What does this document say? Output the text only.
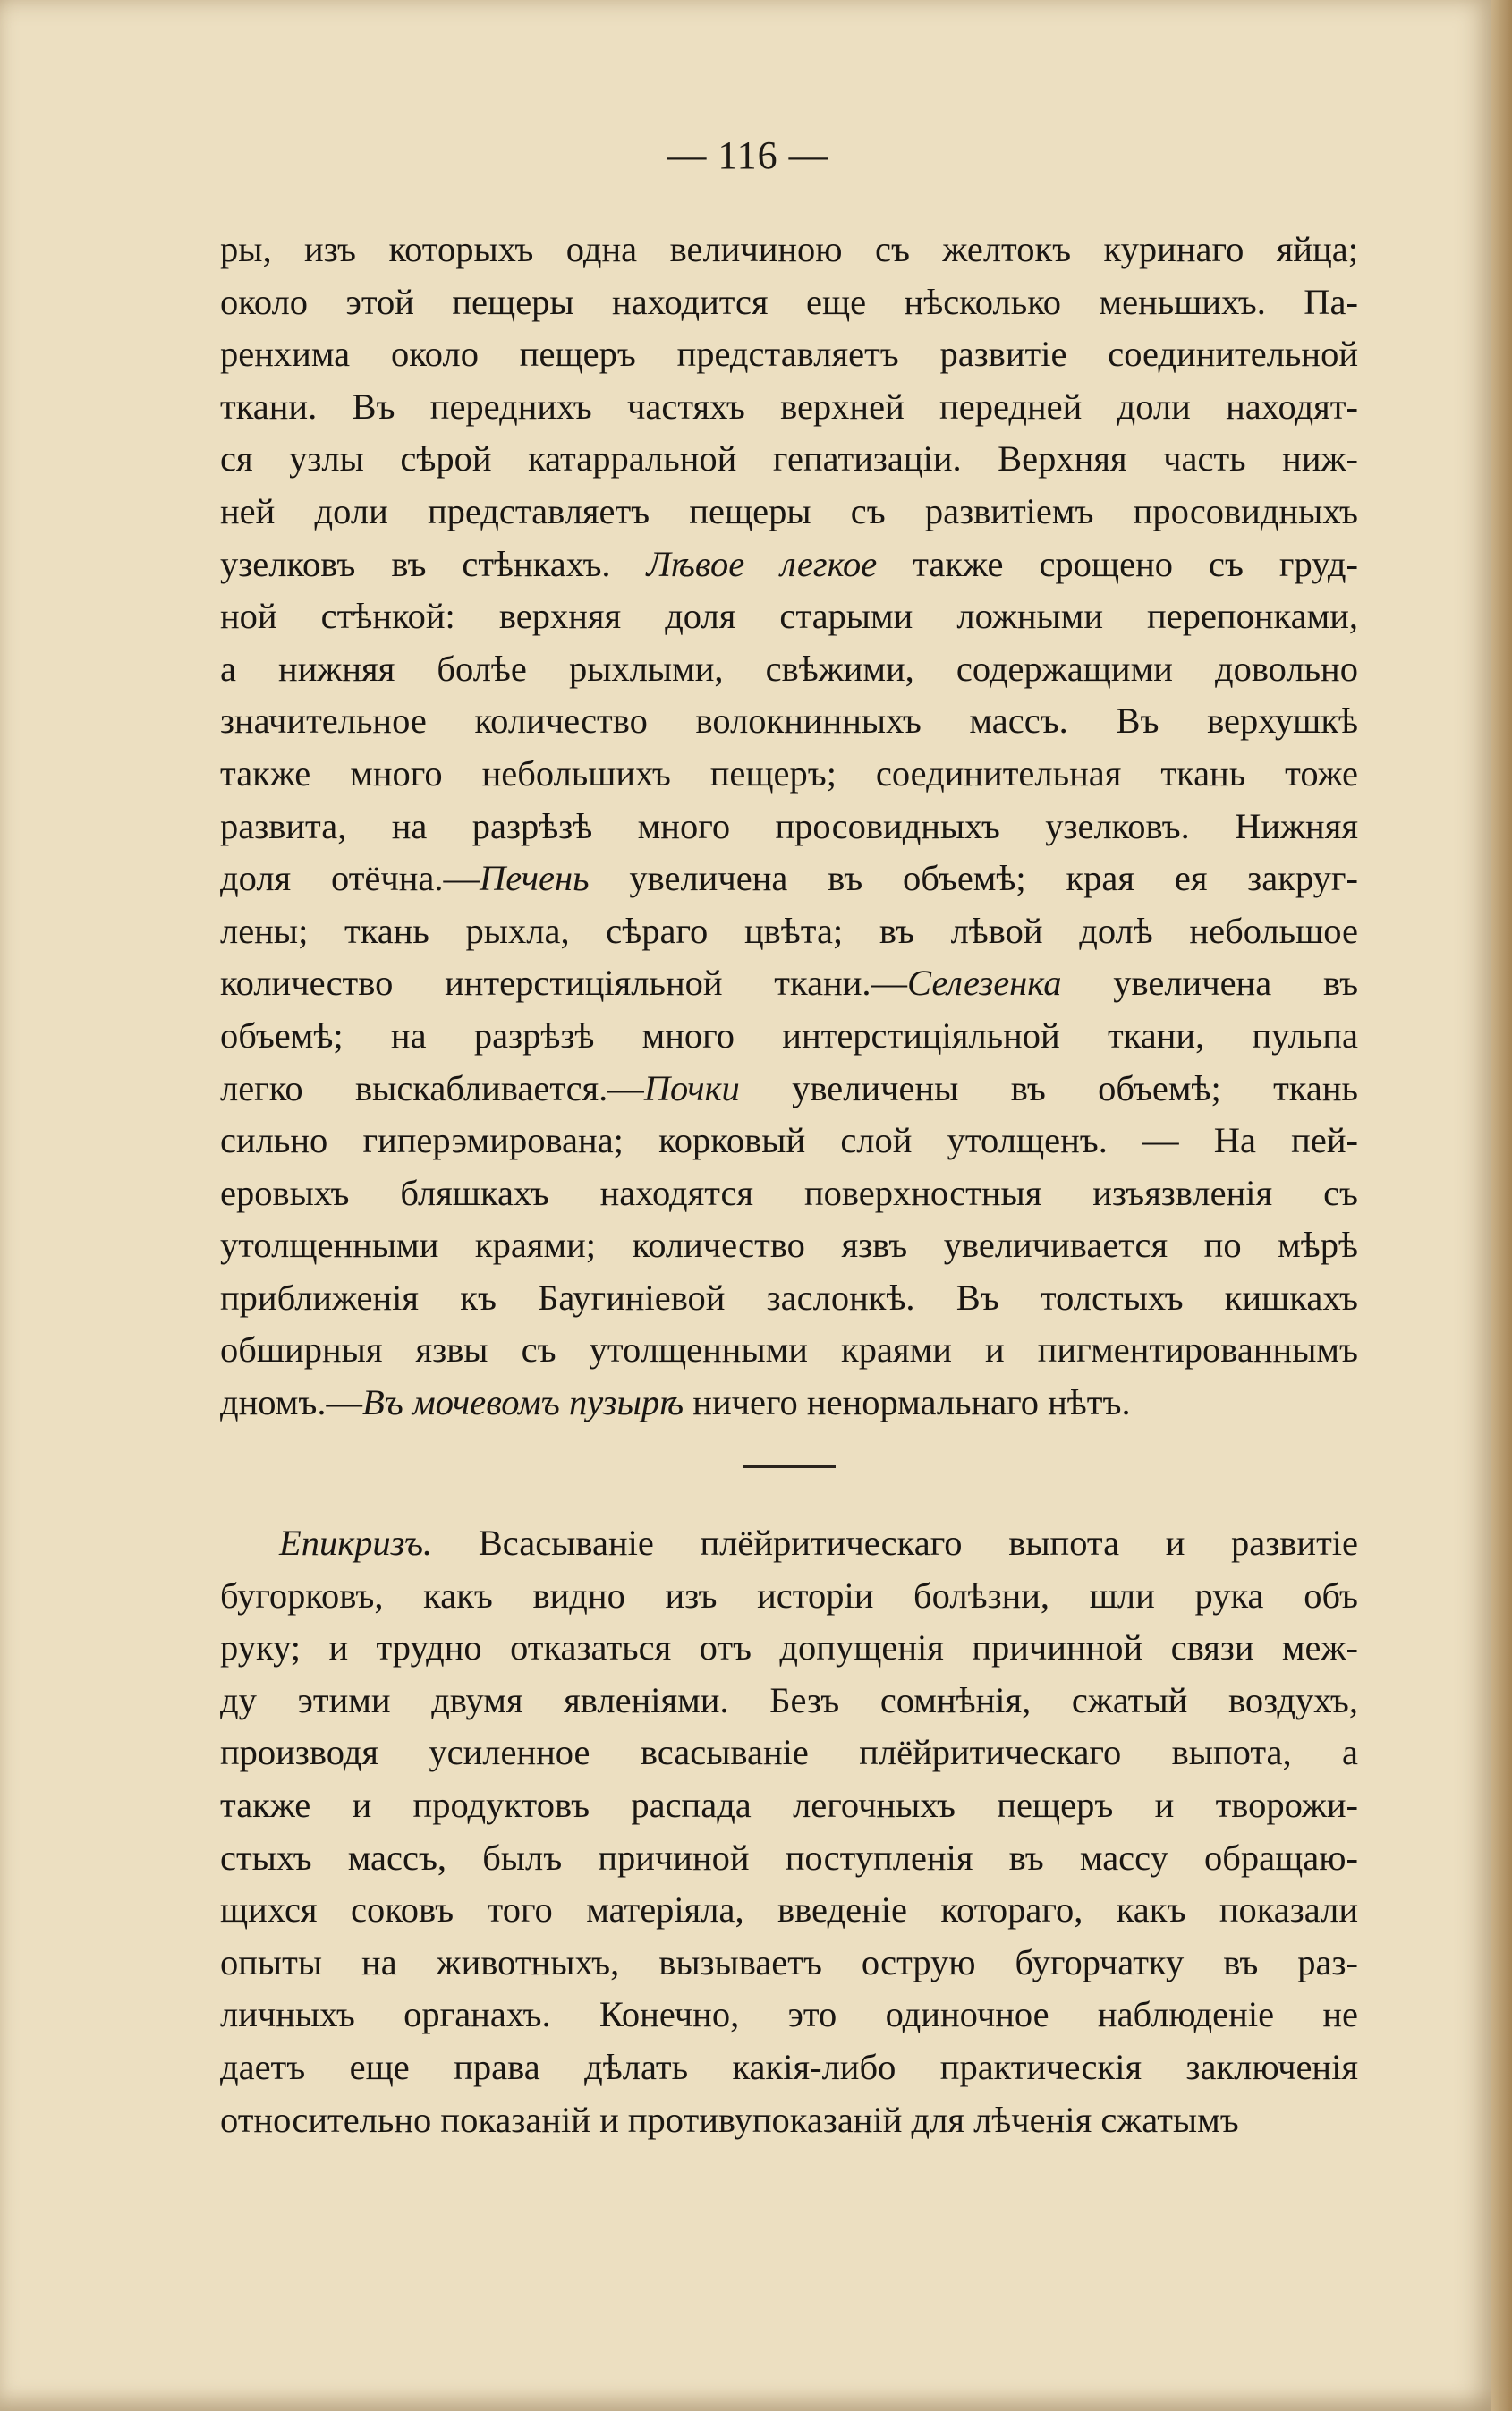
— 116 —
ры, изъ которыхъ одна величиною съ желтокъ куринаго яйца;
около этой пещеры находится еще нѣсколько меньшихъ. Па-
ренхима около пещеръ представляетъ развитіе соединительной
ткани. Въ переднихъ частяхъ верхней передней доли находят-
ся узлы сѣрой катарральной гепатизаціи. Верхняя часть ниж-
ней доли представляетъ пещеры съ развитіемъ просовидныхъ
узелковъ въ стѣнкахъ. Лѣвое легкое также срощено съ груд-
ной стѣнкой: верхняя доля старыми ложными перепонками,
а нижняя болѣе рыхлыми, свѣжими, содержащими довольно
значительное количество волокнинныхъ массъ. Въ верхушкѣ
также много небольшихъ пещеръ; соединительная ткань тоже
развита, на разрѣзѣ много просовидныхъ узелковъ. Нижняя
доля отёчна.—Печень увеличена въ объемѣ; края ея закруг-
лены; ткань рыхла, сѣраго цвѣта; въ лѣвой долѣ небольшое
количество интерстиціяльной ткани.—Селезенка увеличена въ
объемѣ; на разрѣзѣ много интерстиціяльной ткани, пульпа
легко выскабливается.—Почки увеличены въ объемѣ; ткань
сильно гиперэмирована; корковый слой утолщенъ. — На пей-
еровыхъ бляшкахъ находятся поверхностныя изъязвленія съ
утолщенными краями; количество язвъ увеличивается по мѣрѣ
приближенія къ Баугиніевой заслонкѣ. Въ толстыхъ кишкахъ
обширныя язвы съ утолщенными краями и пигментированнымъ
дномъ.—Въ мочевомъ пузырѣ ничего ненормальнаго нѣтъ.
Епикризъ. Всасываніе плёйритическаго выпота и развитіе
бугорковъ, какъ видно изъ исторіи болѣзни, шли рука объ
руку; и трудно отказаться отъ допущенія причинной связи меж-
ду этими двумя явленіями. Безъ сомнѣнія, сжатый воздухъ,
производя усиленное всасываніе плёйритическаго выпота, а
также и продуктовъ распада легочныхъ пещеръ и творожи-
стыхъ массъ, былъ причиной поступленія въ массу обращаю-
щихся соковъ того матеріяла, введеніе котораго, какъ показали
опыты на животныхъ, вызываетъ острую бугорчатку въ раз-
личныхъ органахъ. Конечно, это одиночное наблюденіе не
даетъ еще права дѣлать какія-либо практическія заключенія
относительно показаній и противупоказаній для лѣченія сжатымъ
